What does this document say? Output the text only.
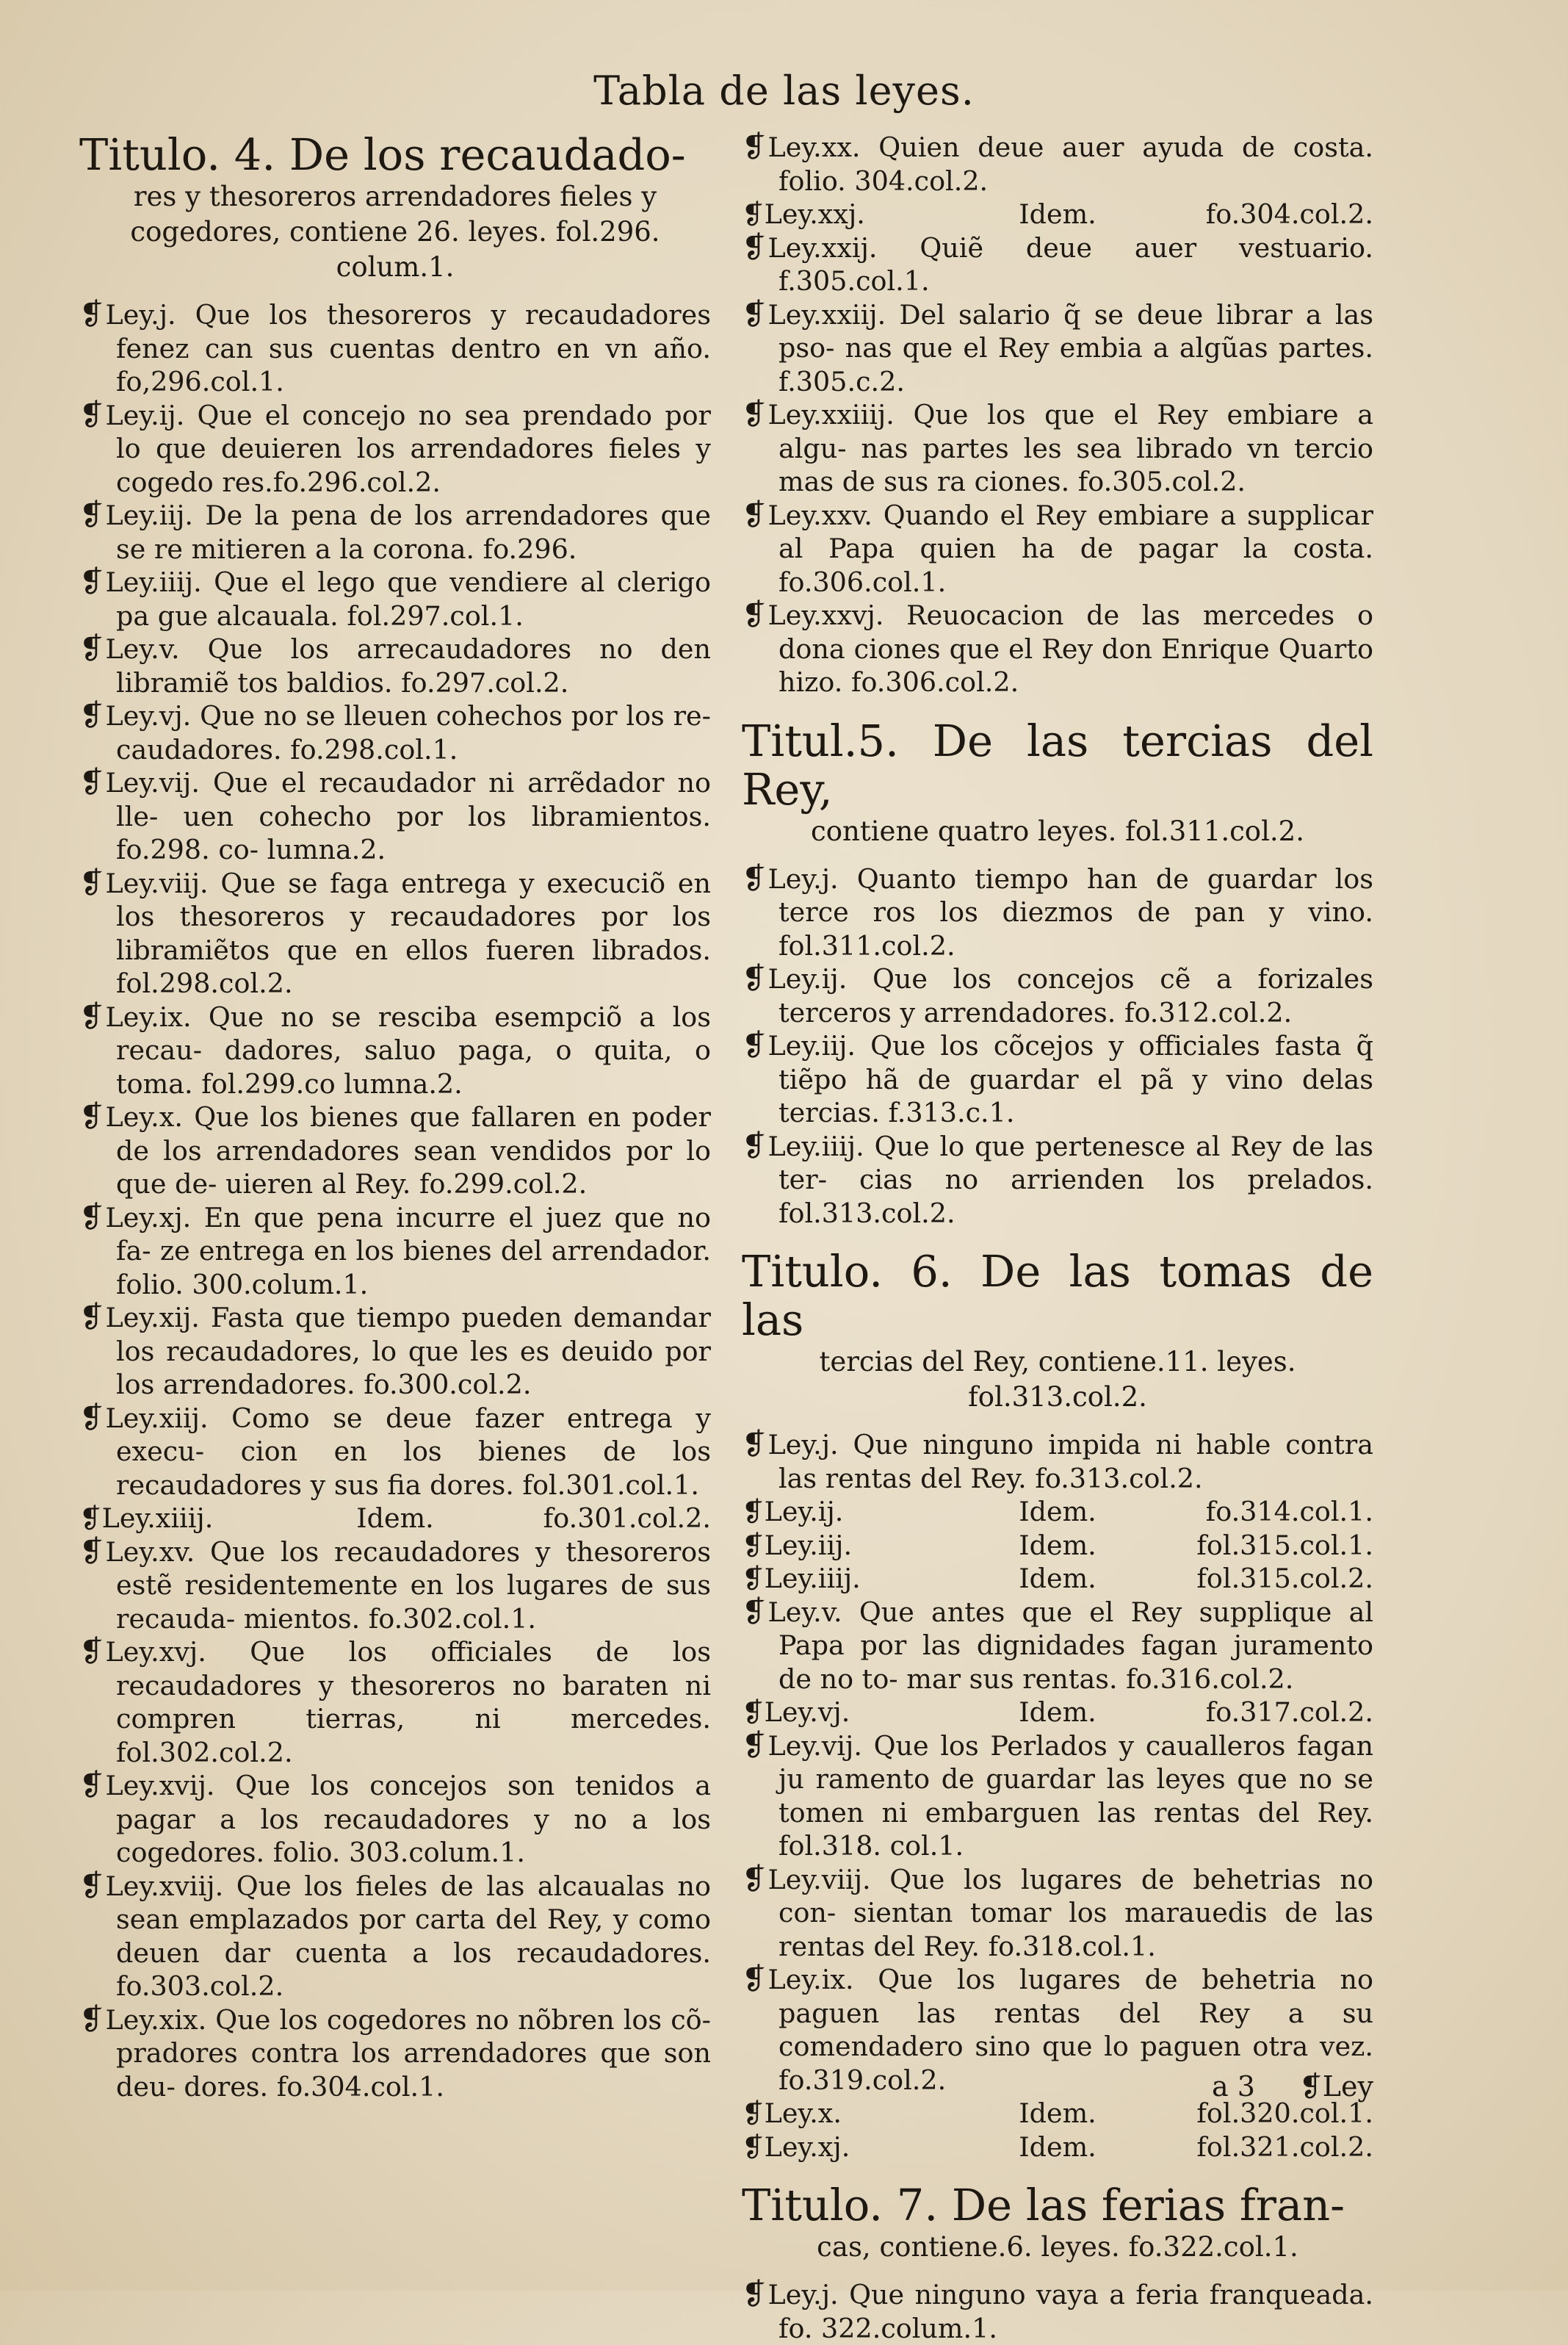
Tabla de las leyes.

Titulo. 4. De los recaudado-

res y thesoreros arrendadores fieles y cogedores, contiene 26. leyes. fol.296. colum.1.

❡Ley.j. Que los thesoreros y recaudadores fenez can sus cuentas dentro en vn año. fo,296.col.1.

❡Ley.ij. Que el concejo no sea prendado por lo que deuieren los arrendadores fieles y cogedo res.fo.296.col.2.

❡Ley.iij. De la pena de los arrendadores que se re mitieren a la corona. fo.296.

❡Ley.iiij. Que el lego que vendiere al clerigo pa gue alcauala. fol.297.col.1.

❡Ley.v. Que los arrecaudadores no den libramiẽ tos baldios. fo.297.col.2.

❡Ley.vj. Que no se lleuen cohechos por los re- caudadores. fo.298.col.1.

❡Ley.vij. Que el recaudador ni arrẽdador no lle- uen cohecho por los libramientos. fo.298. co- lumna.2.

❡Ley.viij. Que se faga entrega y execuciõ en los thesoreros y recaudadores por los libramiẽtos que en ellos fueren librados. fol.298.col.2.

❡Ley.ix. Que no se resciba esempciõ a los recau- dadores, saluo paga, o quita, o toma. fol.299.co lumna.2.

❡Ley.x. Que los bienes que fallaren en poder de los arrendadores sean vendidos por lo que de- uieren al Rey. fo.299.col.2.

❡Ley.xj. En que pena incurre el juez que no fa- ze entrega en los bienes del arrendador. folio. 300.colum.1.

❡Ley.xij. Fasta que tiempo pueden demandar los recaudadores, lo que les es deuido por los arrendadores. fo.300.col.2.

❡Ley.xiij. Como se deue fazer entrega y execu- cion en los bienes de los recaudadores y sus fia dores. fol.301.col.1.

❡Ley.xiiij.	Idem.	fo.301.col.2.

❡Ley.xv. Que los recaudadores y thesoreros estẽ residentemente en los lugares de sus recauda- mientos. fo.302.col.1.

❡Ley.xvj. Que los officiales de los recaudadores y thesoreros no baraten ni compren tierras, ni mercedes. fol.302.col.2.

❡Ley.xvij. Que los concejos son tenidos a pagar a los recaudadores y no a los cogedores. folio. 303.colum.1.

❡Ley.xviij. Que los fieles de las alcaualas no sean emplazados por carta del Rey, y como deuen dar cuenta a los recaudadores. fo.303.col.2.

❡Ley.xix. Que los cogedores no nõbren los cõ- pradores contra los arrendadores que son deu- dores. fo.304.col.1.

❡Ley.xx. Quien deue auer ayuda de costa. folio. 304.col.2.

❡Ley.xxj.	Idem.	fo.304.col.2.

❡Ley.xxij. Quiẽ deue auer vestuario. f.305.col.1.

❡Ley.xxiij. Del salario q̃ se deue librar a las pso- nas que el Rey embia a algũas partes. f.305.c.2.

❡Ley.xxiiij. Que los que el Rey embiare a algu- nas partes les sea librado vn tercio mas de sus ra ciones. fo.305.col.2.

❡Ley.xxv. Quando el Rey embiare a supplicar al Papa quien ha de pagar la costa. fo.306.col.1.

❡Ley.xxvj. Reuocacion de las mercedes o dona ciones que el Rey don Enrique Quarto hizo. fo.306.col.2.

Titul.5. De las tercias del Rey,

contiene quatro leyes. fol.311.col.2.

❡Ley.j. Quanto tiempo han de guardar los terce ros los diezmos de pan y vino. fol.311.col.2.

❡Ley.ij. Que los concejos cẽ a forizales terceros y arrendadores. fo.312.col.2.

❡Ley.iij. Que los cõcejos y officiales fasta q̃ tiẽpo hã de guardar el pã y vino delas tercias. f.313.c.1.

❡Ley.iiij. Que lo que pertenesce al Rey de las ter- cias no arrienden los prelados. fol.313.col.2.

Titulo. 6. De las tomas de las

tercias del Rey, contiene.11. leyes. fol.313.col.2.

❡Ley.j. Que ninguno impida ni hable contra las rentas del Rey. fo.313.col.2.

❡Ley.ij.	Idem.	fo.314.col.1.

❡Ley.iij.	Idem.	fol.315.col.1.

❡Ley.iiij.	Idem.	fol.315.col.2.

❡Ley.v. Que antes que el Rey supplique al Papa por las dignidades fagan juramento de no to- mar sus rentas. fo.316.col.2.

❡Ley.vj.	Idem.	fo.317.col.2.

❡Ley.vij. Que los Perlados y caualleros fagan ju ramento de guardar las leyes que no se tomen ni embarguen las rentas del Rey. fol.318. col.1.

❡Ley.viij. Que los lugares de behetrias no con- sientan tomar los marauedis de las rentas del Rey. fo.318.col.1.

❡Ley.ix. Que los lugares de behetria no paguen las rentas del Rey a su comendadero sino que lo paguen otra vez. fo.319.col.2.

❡Ley.x.	Idem.	fol.320.col.1.

❡Ley.xj.	Idem.	fol.321.col.2.

Titulo. 7. De las ferias fran-

cas, contiene.6. leyes. fo.322.col.1.

❡Ley.j. Que ninguno vaya a feria franqueada. fo. 322.colum.1.

a 3 ❡Ley
